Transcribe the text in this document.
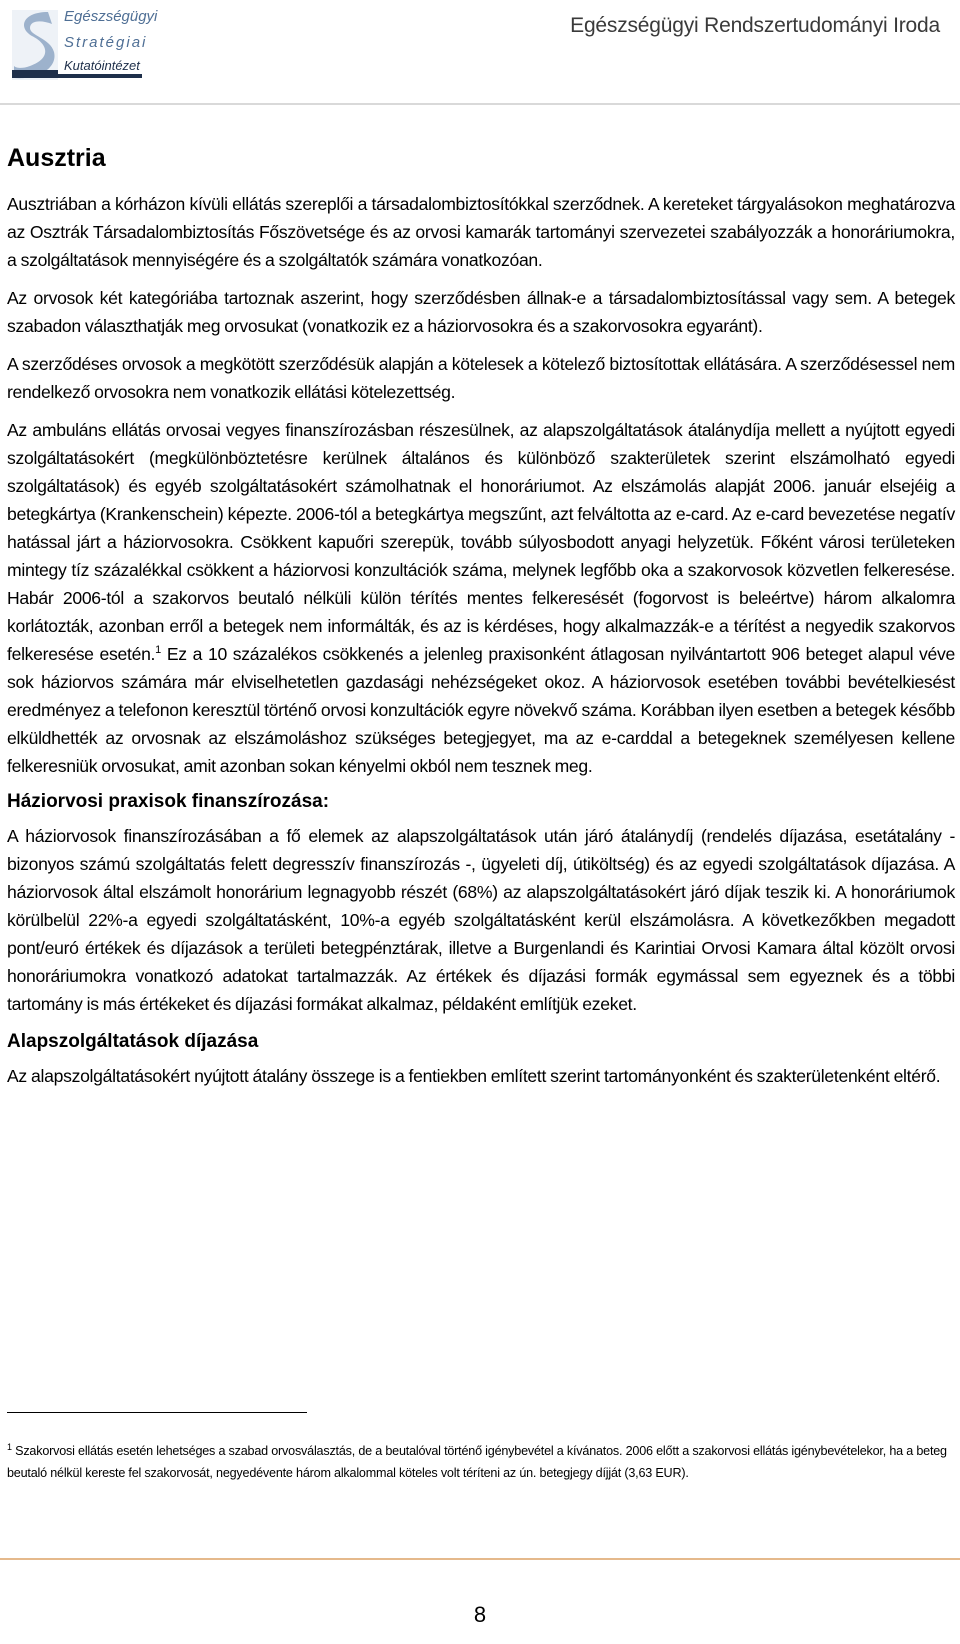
Egészségügyi
Stratégiai
Kutatóintézet
Egészségügyi Rendszertudományi Iroda
Ausztria

Ausztriában a kórházon kívüli ellátás szereplői a társadalombiztosítókkal szerződnek. A kereteket tárgyalásokon meghatározva az Osztrák Társadalombiztosítás Főszövetsége és az orvosi kamarák tartományi szervezetei szabályozzák a honoráriumokra, a szolgáltatások mennyiségére és a szolgáltatók számára vonatkozóan.

Az orvosok két kategóriába tartoznak aszerint, hogy szerződésben állnak-e a társadalombiztosítással vagy sem. A betegek szabadon választhatják meg orvosukat (vonatkozik ez a háziorvosokra és a szakorvosokra egyaránt).

A szerződéses orvosok a megkötött szerződésük alapján a kötelesek a kötelező biztosítottak ellátására. A szerződésessel nem rendelkező orvosokra nem vonatkozik ellátási kötelezettség.

Az ambuláns ellátás orvosai vegyes finanszírozásban részesülnek, az alapszolgáltatások átalánydíja mellett a nyújtott egyedi szolgáltatásokért (megkülönböztetésre kerülnek általános és különböző szakterületek szerint elszámolható egyedi szolgáltatások) és egyéb szolgáltatásokért számolhatnak el honoráriumot. Az elszámolás alapját 2006. január elsejéig a betegkártya (Krankenschein) képezte. 2006-tól a betegkártya megszűnt, azt felváltotta az e-card. Az e-card bevezetése negatív hatással járt a háziorvosokra. Csökkent kapuőri szerepük, tovább súlyosbodott anyagi helyzetük. Főként városi területeken mintegy tíz százalékkal csökkent a háziorvosi konzultációk száma, melynek legfőbb oka a szakorvosok közvetlen felkeresése. Habár 2006-tól a szakorvos beutaló nélküli külön térítés mentes felkeresését (fogorvost is beleértve) három alkalomra korlátozták, azonban erről a betegek nem informálták, és az is kérdéses, hogy alkalmazzák-e a térítést a negyedik szakorvos felkeresése esetén.$^1$ Ez a 10 százalékos csökkenés a jelenleg praxisonként átlagosan nyilvántartott 906 beteget alapul véve sok háziorvos számára már elviselhetetlen gazdasági nehézségeket okoz. A háziorvosok esetében további bevételkiesést eredményez a telefonon keresztül történő orvosi konzultációk egyre növekvő száma. Korábban ilyen esetben a betegek később elküldhették az orvosnak az elszámoláshoz szükséges betegjegyet, ma az e-carddal a betegeknek személyesen kellene felkeresniük orvosukat, amit azonban sokan kényelmi okból nem tesznek meg.

Háziorvosi praxisok finanszírozása:

A háziorvosok finanszírozásában a fő elemek az alapszolgáltatások után járó átalánydíj (rendelés díjazása, esetátalány - bizonyos számú szolgáltatás felett degresszív finanszírozás -, ügyeleti díj, útiköltség) és az egyedi szolgáltatások díjazása. A háziorvosok által elszámolt honorárium legnagyobb részét (68%) az alapszolgáltatásokért járó díjak teszik ki. A honoráriumok körülbelül 22%-a egyedi szolgáltatásként, 10%-a egyéb szolgáltatásként kerül elszámolásra. A következőkben megadott pont/euró értékek és díjazások a területi betegpénztárak, illetve a Burgenlandi és Karintiai Orvosi Kamara által közölt orvosi honoráriumokra vonatkozó adatokat tartalmazzák. Az értékek és díjazási formák egymással sem egyeznek és a többi tartomány is más értékeket és díjazási formákat alkalmaz, példaként említjük ezeket.

Alapszolgáltatások díjazása

Az alapszolgáltatásokért nyújtott átalány összege is a fentiekben említett szerint tartományonként és szakterületenként eltérő.

$^1$ Szakorvosi ellátás esetén lehetséges a szabad orvosválasztás, de a beutalóval történő igénybevétel a kívánatos. 2006 előtt a szakorvosi ellátás igénybevételekor, ha a beteg beutaló nélkül kereste fel szakorvosát, negyedévente három alkalommal köteles volt téríteni az ún. betegjegy díjját (3,63 EUR).
8
